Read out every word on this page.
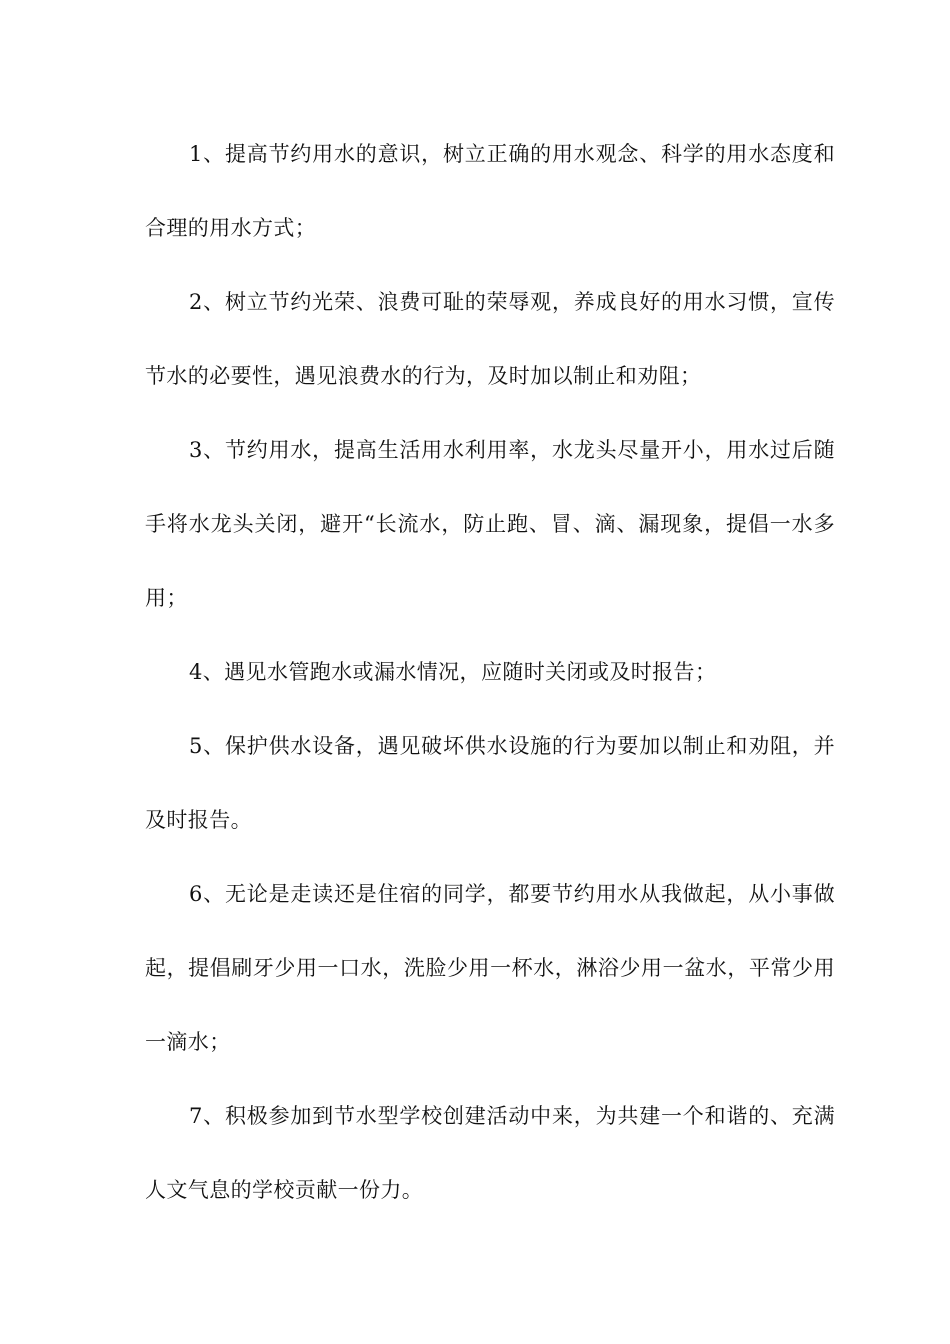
1、提高节约用水的意识，树立正确的用水观念、科学的用水态度和合理的用水方式；

2、树立节约光荣、浪费可耻的荣辱观，养成良好的用水习惯，宣传节水的必要性，遇见浪费水的行为，及时加以制止和劝阻；

3、节约用水，提高生活用水利用率，水龙头尽量开小，用水过后随手将水龙头关闭，避开“长流水，防止跑、冒、滴、漏现象，提倡一水多用；

4、遇见水管跑水或漏水情况，应随时关闭或及时报告；

5、保护供水设备，遇见破坏供水设施的行为要加以制止和劝阻，并及时报告。

6、无论是走读还是住宿的同学，都要节约用水从我做起，从小事做起，提倡刷牙少用一口水，洗脸少用一杯水，淋浴少用一盆水，平常少用一滴水；

7、积极参加到节水型学校创建活动中来，为共建一个和谐的、充满人文气息的学校贡献一份力。
